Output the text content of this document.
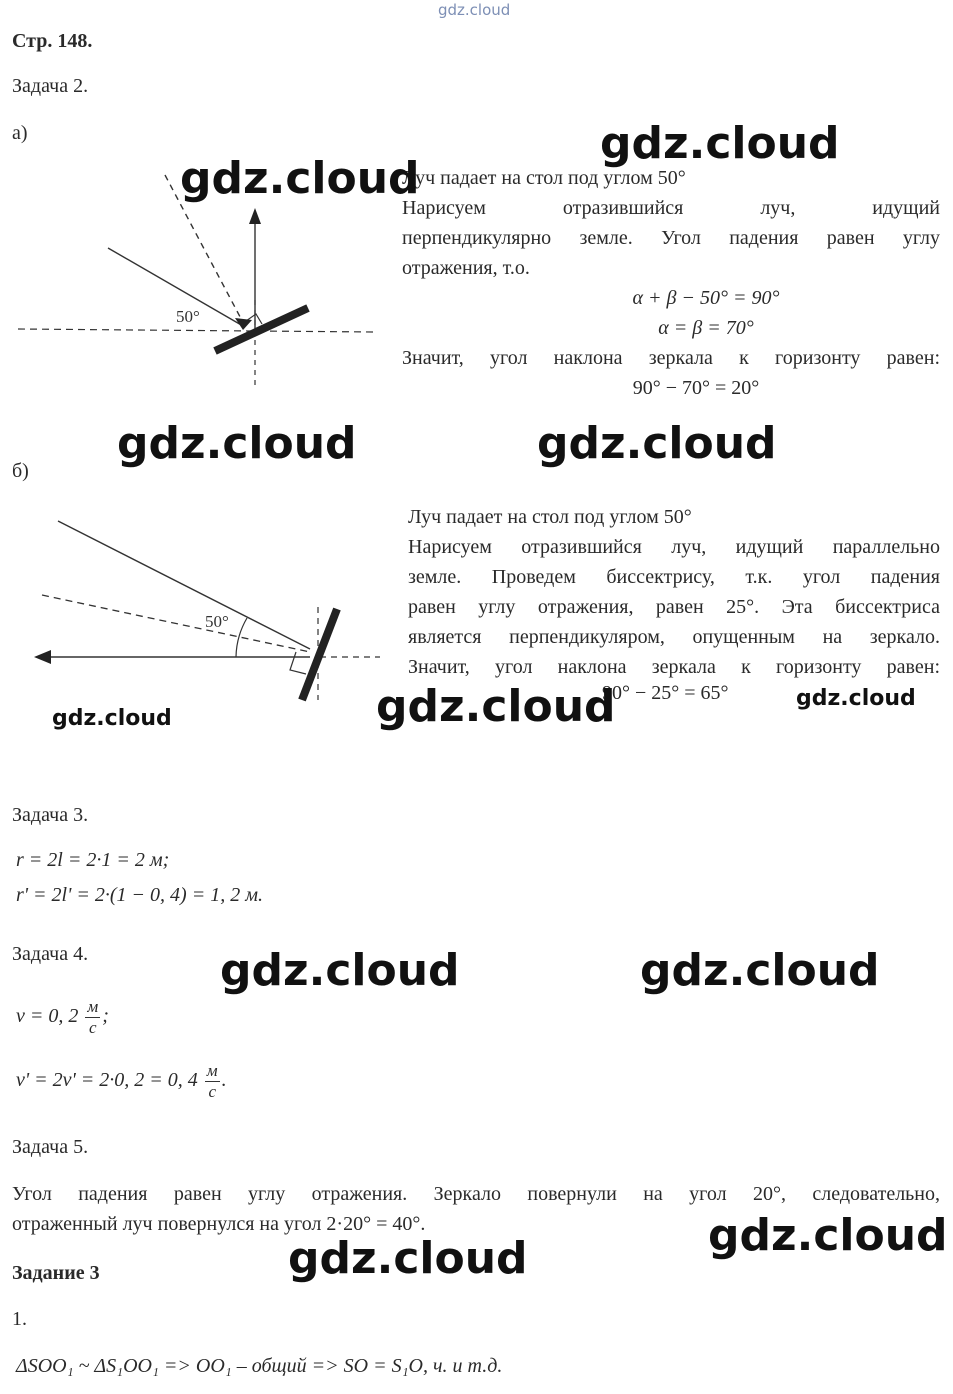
gdz.cloud
Стр. 148.
Задача 2.
а)
50°
Луч падает на стол под углом 50°
Нарисуем отразившийся луч, идущий
перпендикулярно земле. Угол падения равен углу
отражения, т.о.
α + β − 50° = 90°
α = β = 70°
Значит, угол наклона зеркала к горизонту равен:
90° − 70° = 20°
б)
50°
Луч падает на стол под углом 50°
Нарисуем отразившийся луч, идущий параллельно
земле. Проведем биссектрису, т.к. угол падения
равен углу отражения, равен 25°. Эта биссектриса
является перпендикуляром, опущенным на зеркало.
Значит, угол наклона зеркала к горизонту равен:
90° − 25° = 65°
Задача 3.
r = 2l = 2·1 = 2 м;
r' = 2l' = 2·(1 − 0, 4) = 1, 2 м.
Задача 4.
v = 0, $2 \frac{м}{с}$ ;
v' = 2v' = 2·0, 2 = 0, $4 \frac{м}{с}$ .
Задача 5.
Угол падения равен углу отражения. Зеркало повернули на угол 20°, следовательно,
отраженный луч повернулся на угол 2·20° = 40°.
Задание 3
1.
ΔSOO₁ ~ ΔS₁OO₁ => OO₁ – общий => SO = S₁O, ч. и т.д.
gdz.cloud
gdz.cloud
gdz.cloud	gdz.cloud
gdz.cloud
gdz.cloud
gdz.cloud
gdz.cloud	gdz.cloud
gdz.cloud
gdz.cloud
